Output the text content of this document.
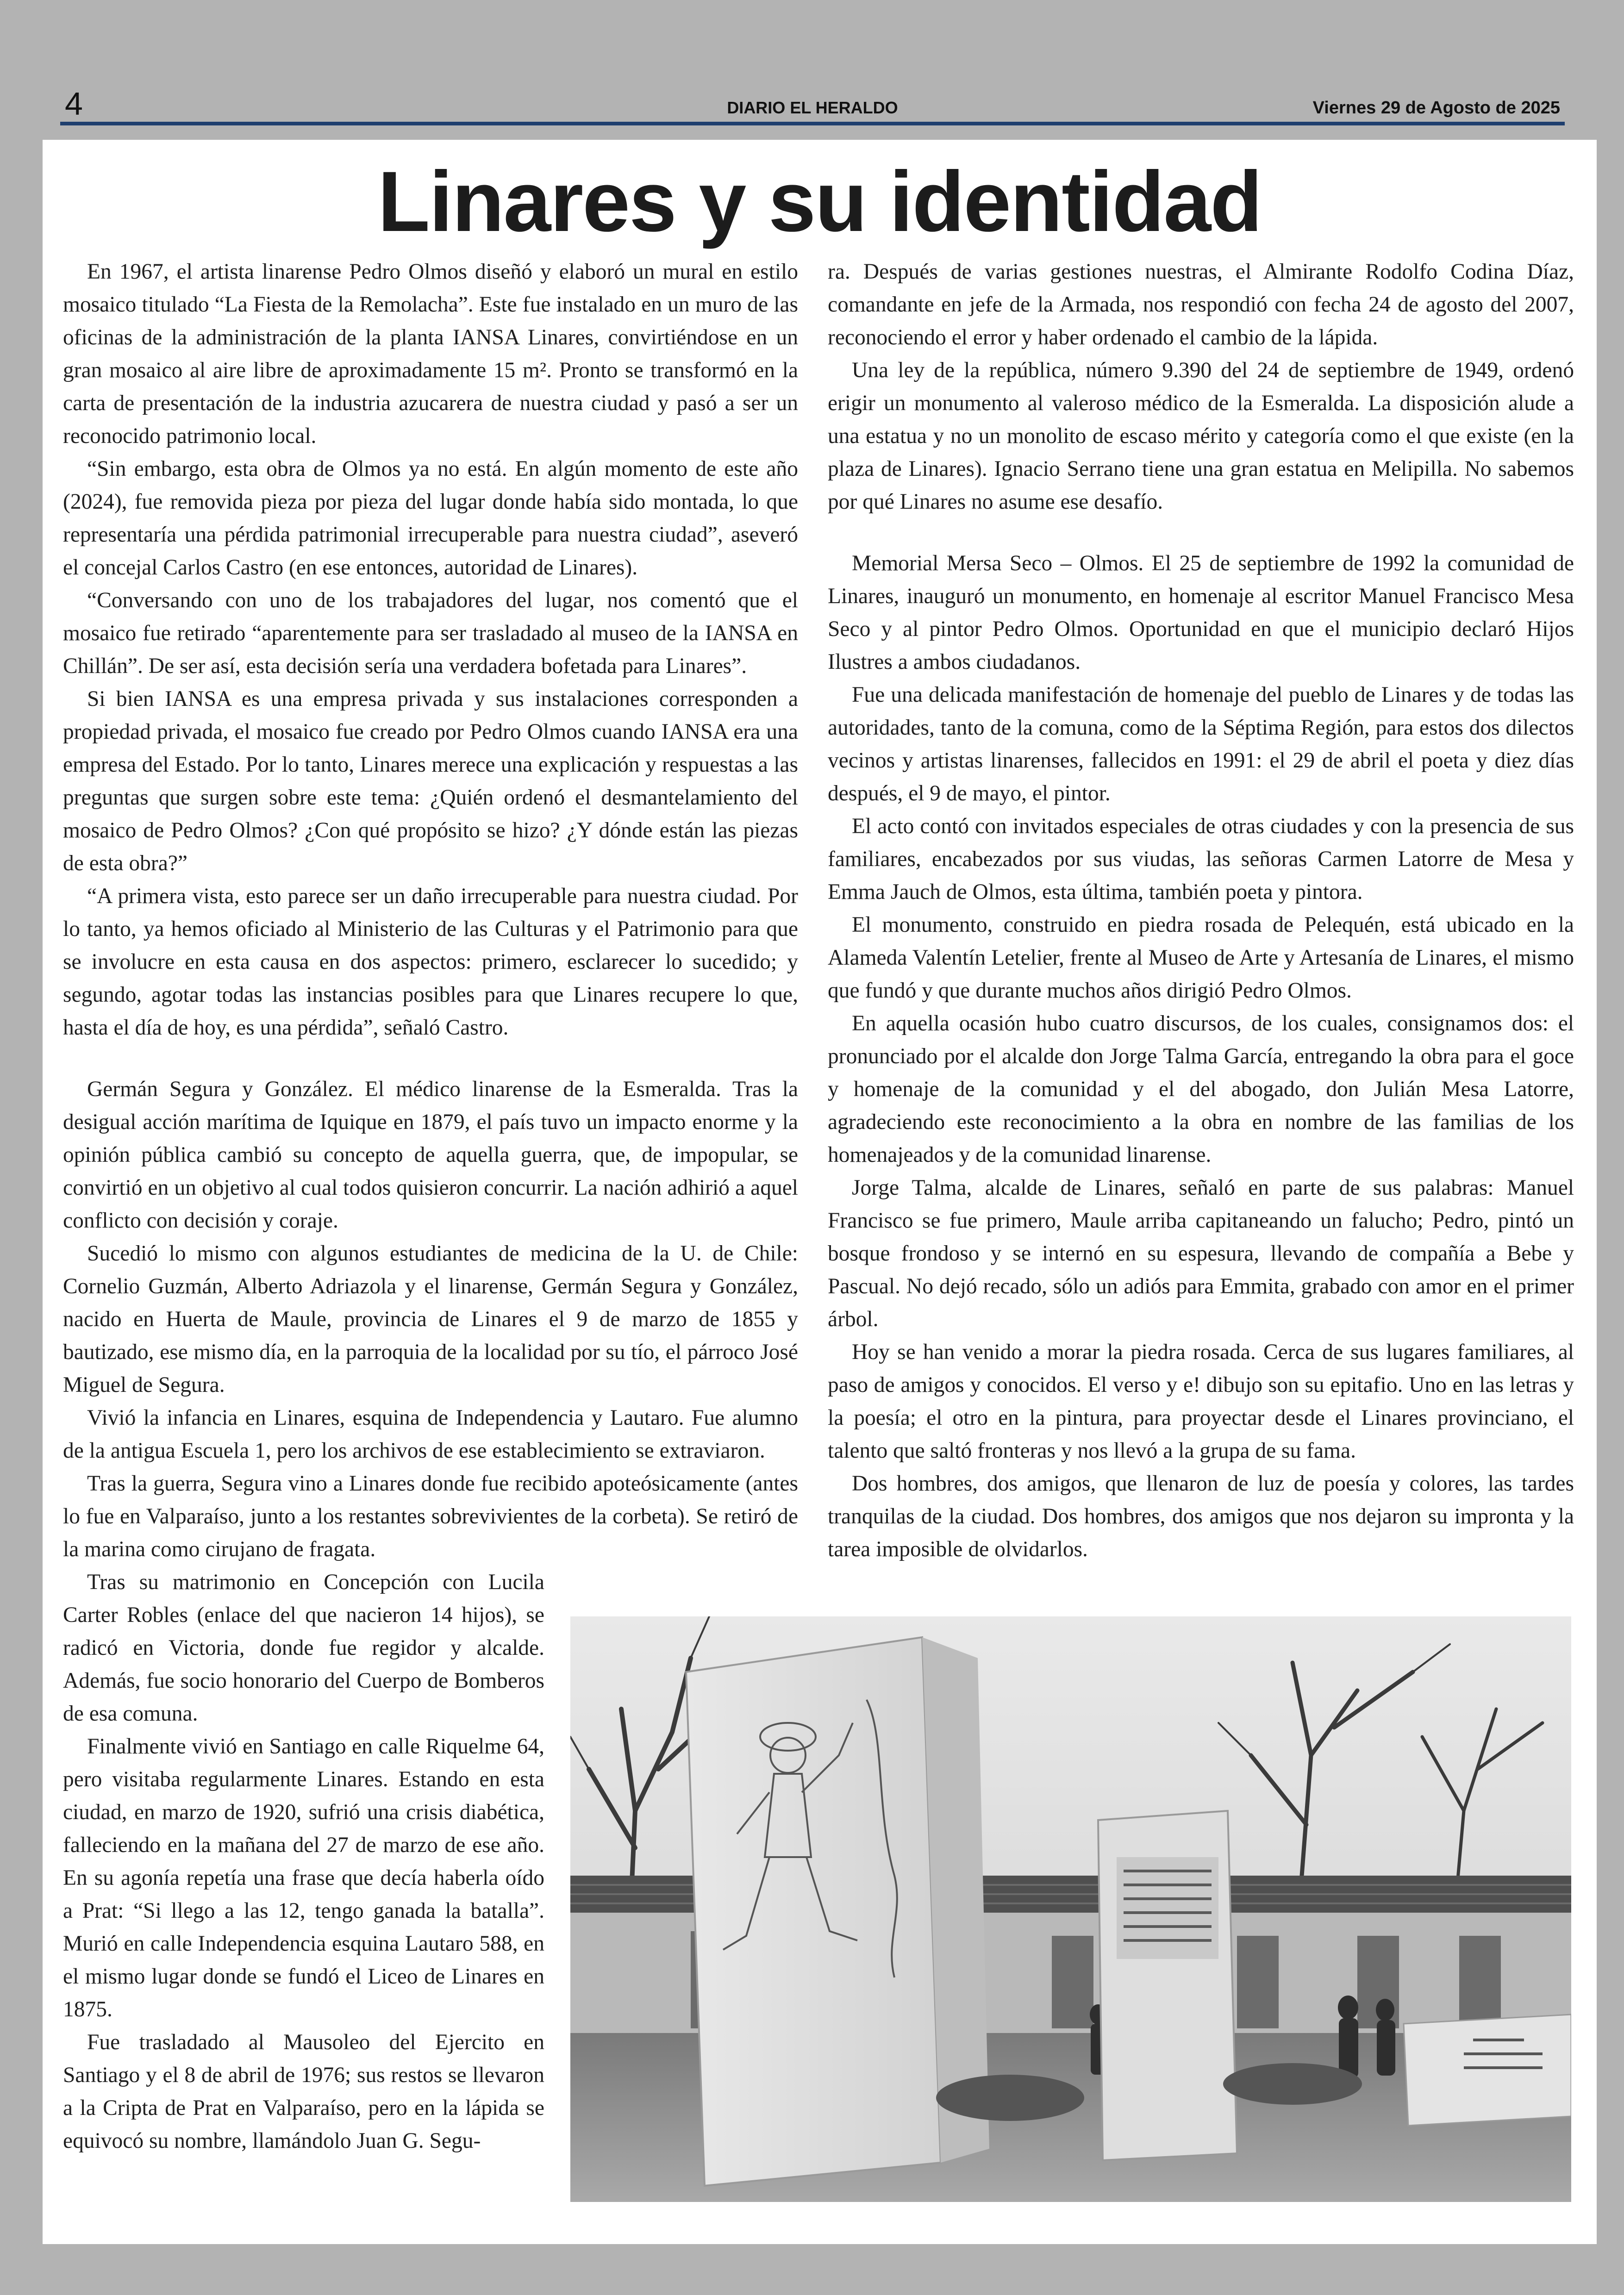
4	DIARIO EL HERALDO	Viernes 29 de Agosto de 2025
Linares y su identidad

En 1967, el artista linarense Pedro Olmos diseñó y elaboró un mural en estilo mosaico titulado “La Fiesta de la Remolacha”. Este fue instalado en un muro de las oficinas de la administración de la planta IANSA Linares, convirtiéndose en un gran mosaico al aire libre de aproximadamente 15 m². Pronto se transformó en la carta de presentación de la industria azucarera de nuestra ciudad y pasó a ser un reconocido patrimonio local.

“Sin embargo, esta obra de Olmos ya no está. En algún momento de este año (2024), fue removida pieza por pieza del lugar donde había sido montada, lo que representaría una pérdida patrimonial irrecuperable para nuestra ciudad”, aseveró el concejal Carlos Castro (en ese entonces, autoridad de Linares).

“Conversando con uno de los trabajadores del lugar, nos comentó que el mosaico fue retirado “aparentemente para ser trasladado al museo de la IANSA en Chillán”. De ser así, esta decisión sería una verdadera bofetada para Linares”.

Si bien IANSA es una empresa privada y sus instalaciones corresponden a propiedad privada, el mosaico fue creado por Pedro Olmos cuando IANSA era una empresa del Estado. Por lo tanto, Linares merece una explicación y respuestas a las preguntas que surgen sobre este tema: ¿Quién ordenó el desmantelamiento del mosaico de Pedro Olmos? ¿Con qué propósito se hizo? ¿Y dónde están las piezas de esta obra?”

“A primera vista, esto parece ser un daño irrecuperable para nuestra ciudad. Por lo tanto, ya hemos oficiado al Ministerio de las Culturas y el Patrimonio para que se involucre en esta causa en dos aspectos: primero, esclarecer lo sucedido; y segundo, agotar todas las instancias posibles para que Linares recupere lo que, hasta el día de hoy, es una pérdida”, señaló Castro.

Germán Segura y González. El médico linarense de la Esmeralda. Tras la desigual acción marítima de Iquique en 1879, el país tuvo un impacto enorme y la opinión pública cambió su concepto de aquella guerra, que, de impopular, se convirtió en un objetivo al cual todos quisieron concurrir. La nación adhirió a aquel conflicto con decisión y coraje.

Sucedió lo mismo con algunos estudiantes de medicina de la U. de Chile: Cornelio Guzmán, Alberto Adriazola y el linarense, Germán Segura y González, nacido en Huerta de Maule, provincia de Linares el 9 de marzo de 1855 y bautizado, ese mismo día, en la parroquia de la localidad por su tío, el párroco José Miguel de Segura.

Vivió la infancia en Linares, esquina de Independencia y Lautaro. Fue alumno de la antigua Escuela 1, pero los archivos de ese establecimiento se extraviaron.

Tras la guerra, Segura vino a Linares donde fue recibido apoteósicamente (antes lo fue en Valparaíso, junto a los restantes sobrevivientes de la corbeta). Se retiró de la marina como cirujano de fragata.

Tras su matrimonio en Concepción con Lucila Carter Robles (enlace del que nacieron 14 hijos), se radicó en Victoria, donde fue regidor y alcalde. Además, fue socio honorario del Cuerpo de Bomberos de esa comuna.

Finalmente vivió en Santiago en calle Riquelme 64, pero visitaba regularmente Linares. Estando en esta ciudad, en marzo de 1920, sufrió una crisis diabética, falleciendo en la mañana del 27 de marzo de ese año. En su agonía repetía una frase que decía haberla oído a Prat: “Si llego a las 12, tengo ganada la batalla”. Murió en calle Independencia esquina Lautaro 588, en el mismo lugar donde se fundó el Liceo de Linares en 1875.

Fue trasladado al Mausoleo del Ejercito en Santiago y el 8 de abril de 1976; sus restos se llevaron a la Cripta de Prat en Valparaíso, pero en la lápida se equivocó su nombre, llamándolo Juan G. Segu-

ra. Después de varias gestiones nuestras, el Almirante Rodolfo Codina Díaz, comandante en jefe de la Armada, nos respondió con fecha 24 de agosto del 2007, reconociendo el error y haber ordenado el cambio de la lápida.

Una ley de la república, número 9.390 del 24 de septiembre de 1949, ordenó erigir un monumento al valeroso médico de la Esmeralda. La disposición alude a una estatua y no un monolito de escaso mérito y categoría como el que existe (en la plaza de Linares). Ignacio Serrano tiene una gran estatua en Melipilla. No sabemos por qué Linares no asume ese desafío.

Memorial Mersa Seco – Olmos. El 25 de septiembre de 1992 la comunidad de Linares, inauguró un monumento, en homenaje al escritor Manuel Francisco Mesa Seco y al pintor Pedro Olmos. Oportunidad en que el municipio declaró Hijos Ilustres a ambos ciudadanos.

Fue una delicada manifestación de homenaje del pueblo de Linares y de todas las autoridades, tanto de la comuna, como de la Séptima Región, para estos dos dilectos vecinos y artistas linarenses, fallecidos en 1991: el 29 de abril el poeta y diez días después, el 9 de mayo, el pintor.

El acto contó con invitados especiales de otras ciudades y con la presencia de sus familiares, encabezados por sus viudas, las señoras Carmen Latorre de Mesa y Emma Jauch de Olmos, esta última, también poeta y pintora.

El monumento, construido en piedra rosada de Pelequén, está ubicado en la Alameda Valentín Letelier, frente al Museo de Arte y Artesanía de Linares, el mismo que fundó y que durante muchos años dirigió Pedro Olmos.

En aquella ocasión hubo cuatro discursos, de los cuales, consignamos dos: el pronunciado por el alcalde don Jorge Talma García, entregando la obra para el goce y homenaje de la comunidad y el del abogado, don Julián Mesa Latorre, agradeciendo este reconocimiento a la obra en nombre de las familias de los homenajeados y de la comunidad linarense.

Jorge Talma, alcalde de Linares, señaló en parte de sus palabras: Manuel Francisco se fue primero, Maule arriba capitaneando un falucho; Pedro, pintó un bosque frondoso y se internó en su espesura, llevando de compañía a Bebe y Pascual. No dejó recado, sólo un adiós para Emmita, grabado con amor en el primer árbol.

Hoy se han venido a morar la piedra rosada. Cerca de sus lugares familiares, al paso de amigos y conocidos. El verso y e! dibujo son su epitafio. Uno en las letras y la poesía; el otro en la pintura, para proyectar desde el Linares provinciano, el talento que saltó fronteras y nos llevó a la grupa de su fama.

Dos hombres, dos amigos, que llenaron de luz de poesía y colores, las tardes tranquilas de la ciudad. Dos hombres, dos amigos que nos dejaron su impronta y la tarea imposible de olvidarlos.
